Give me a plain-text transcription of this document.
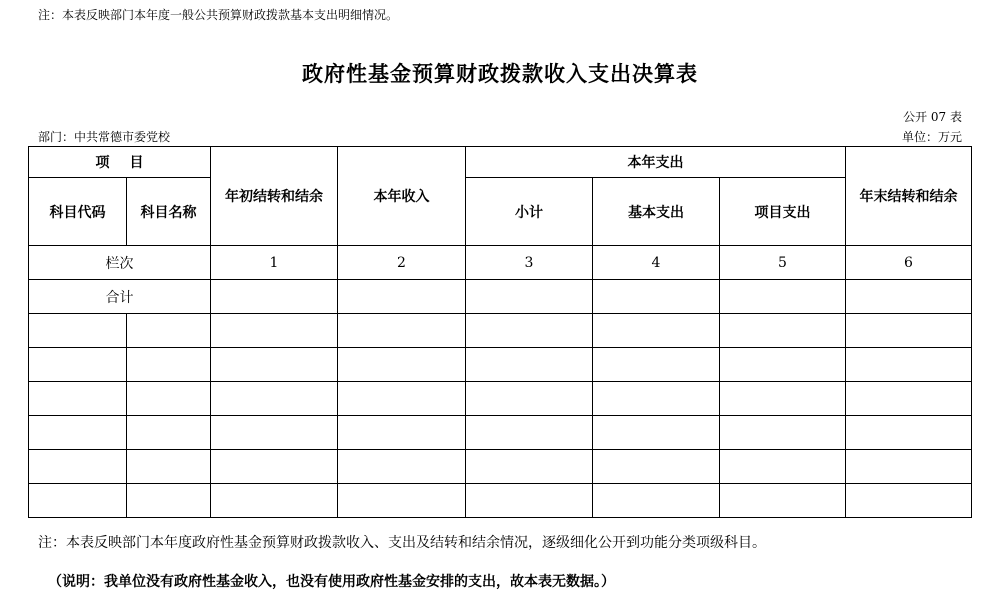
注：本表反映部门本年度一般公共预算财政拨款基本支出明细情况。
政府性基金预算财政拨款收入支出决算表
公开 07 表
部门：中共常德市委党校	单位：万元
项目		年初结转和结余	本年收入	本年支出			年末结转和结余
科目代码	科目名称			小计	基本支出	项目支出	
栏次		1	2	3	4	5	6
合计							

注：本表反映部门本年度政府性基金预算财政拨款收入、支出及结转和结余情况，逐级细化公开到功能分类项级科目。
（说明：我单位没有政府性基金收入，也没有使用政府性基金安排的支出，故本表无数据。）
